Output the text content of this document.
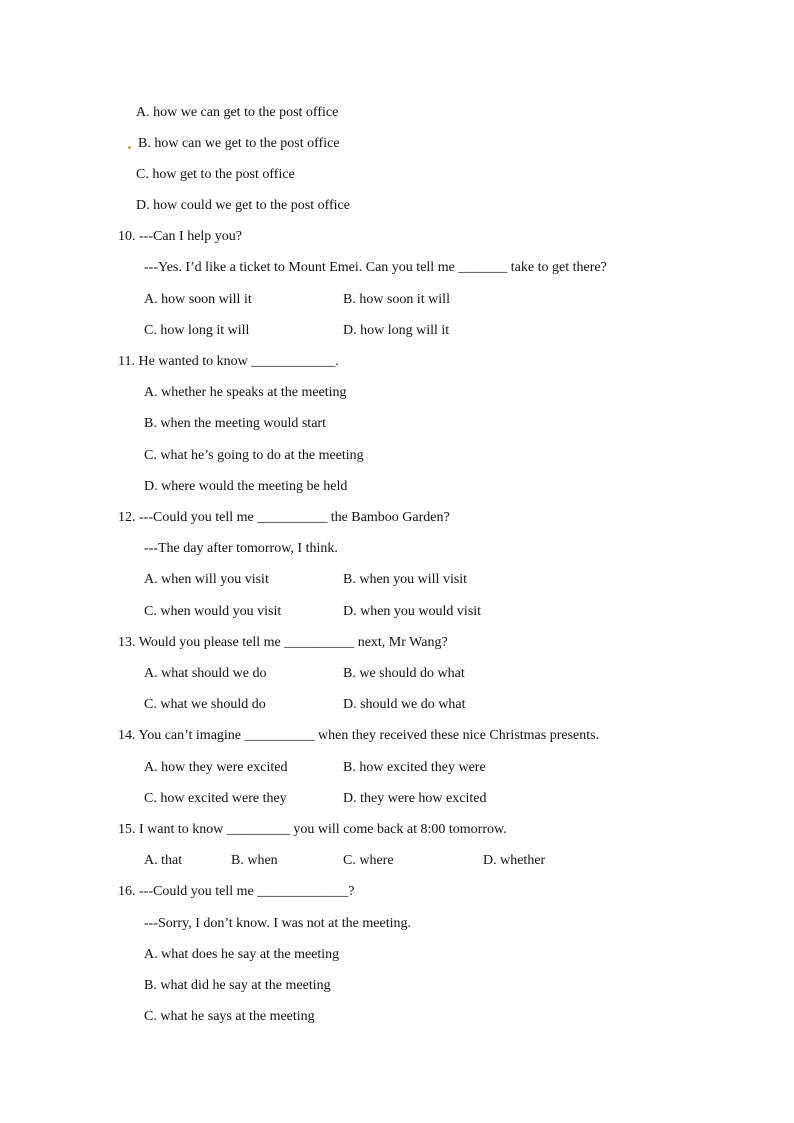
A. how we can get to the post office
B. how can we get to the post office
C. how get to the post office
D. how could we get to the post office
10. ---Can I help you?
---Yes. I’d like a ticket to Mount Emei. Can you tell me _______ take to get there?
A. how soon will it	B. how soon it will
C. how long it will	D. how long will it
11. He wanted to know ____________.
A. whether he speaks at the meeting
B. when the meeting would start
C. what he’s going to do at the meeting
D. where would the meeting be held
12. ---Could you tell me __________ the Bamboo Garden?
---The day after tomorrow, I think.
A. when will you visit	B. when you will visit
C. when would you visit	D. when you would visit
13. Would you please tell me __________ next, Mr Wang?
A. what should we do	B. we should do what
C. what we should do	D. should we do what
14. You can’t imagine __________ when they received these nice Christmas presents.
A. how they were excited	B. how excited they were
C. how excited were they	D. they were how excited
15. I want to know _________ you will come back at 8:00 tomorrow.
A. that	B. when	C. where	D. whether
16. ---Could you tell me _____________?
---Sorry, I don’t know. I was not at the meeting.
A. what does he say at the meeting
B. what did he say at the meeting
C. what he says at the meeting
